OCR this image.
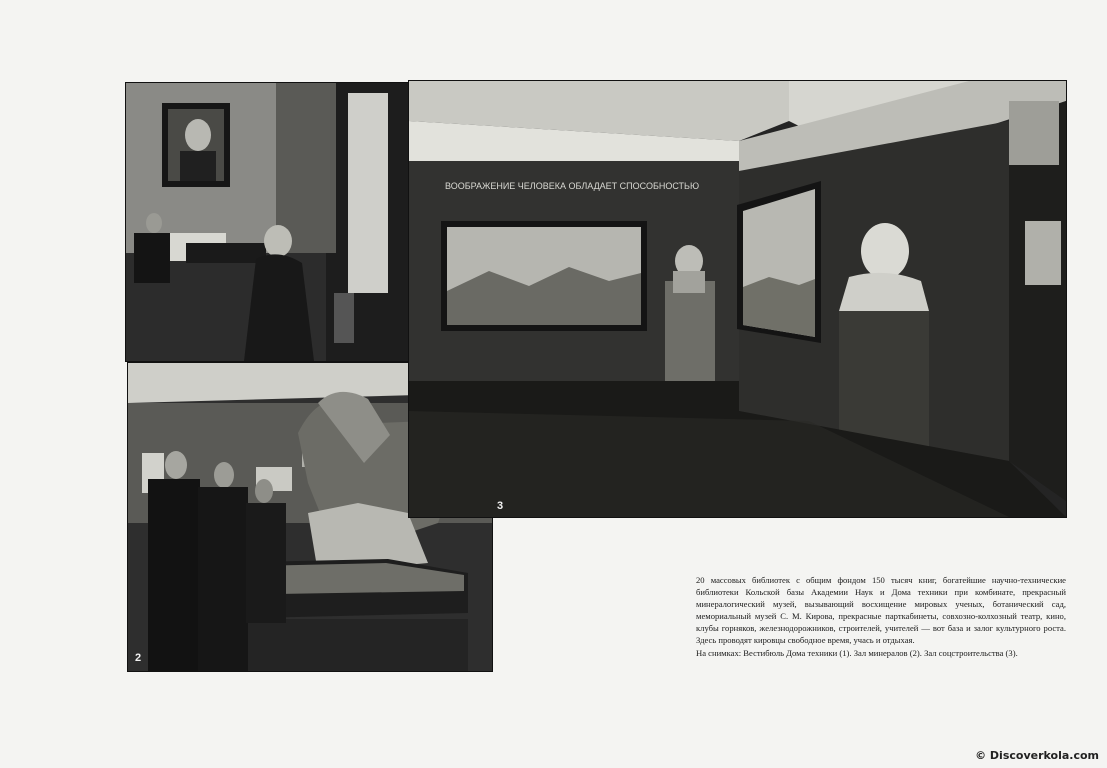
ВООБРАЖЕНИЕ ЧЕЛОВЕКА ОБЛАДАЕТ СПОСОБНОСТЬЮ
2
3

20 массовых библиотек с общим фондом 150 тысяч книг, богатейшие научно-технические библиотеки Кольской базы Академии Наук и Дома техники при комбинате, прекрасный минералогический музей, вызывающий восхищение мировых ученых, ботанический сад, мемориальный музей С. М. Кирова, прекрасные парткабинеты, совхозно-колхозный театр, кино, клубы горняков, железнодорожников, строителей, учителей — вот база и залог культурного роста. Здесь проводят кировцы свободное время, учась и отдыхая.

На снимках: Вестибюль Дома техники (1). Зал минералов (2). Зал соцстроительства (3).

© Discoverkola.com
